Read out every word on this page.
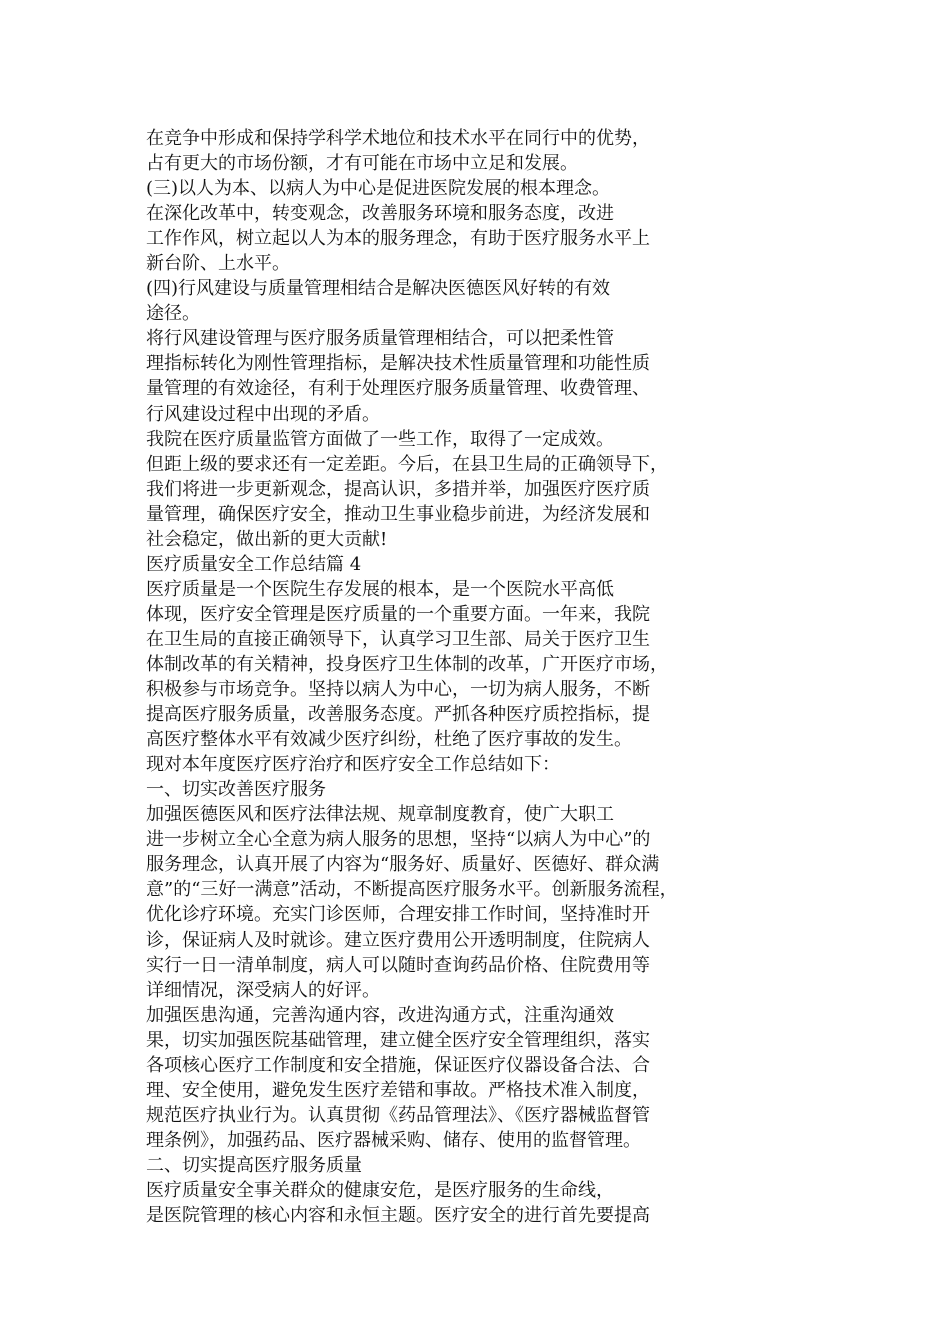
在竞争中形成和保持学科学术地位和技术水平在同行中的优势，
占有更大的市场份额，才有可能在市场中立足和发展。
(三)以人为本、以病人为中心是促进医院发展的根本理念。
在深化改革中，转变观念，改善服务环境和服务态度，改进
工作作风，树立起以人为本的服务理念，有助于医疗服务水平上
新台阶、上水平。
(四)行风建设与质量管理相结合是解决医德医风好转的有效
途径。
将行风建设管理与医疗服务质量管理相结合，可以把柔性管
理指标转化为刚性管理指标，是解决技术性质量管理和功能性质
量管理的有效途径，有利于处理医疗服务质量管理、收费管理、
行风建设过程中出现的矛盾。
我院在医疗质量监管方面做了一些工作，取得了一定成效。
但距上级的要求还有一定差距。今后，在县卫生局的正确领导下，
我们将进一步更新观念，提高认识，多措并举，加强医疗医疗质
量管理，确保医疗安全，推动卫生事业稳步前进，为经济发展和
社会稳定，做出新的更大贡献!
医疗质量安全工作总结篇 4
医疗质量是一个医院生存发展的根本，是一个医院水平高低
体现，医疗安全管理是医疗质量的一个重要方面。一年来，我院
在卫生局的直接正确领导下，认真学习卫生部、局关于医疗卫生
体制改革的有关精神，投身医疗卫生体制的改革，广开医疗市场，
积极参与市场竞争。坚持以病人为中心，一切为病人服务，不断
提高医疗服务质量，改善服务态度。严抓各种医疗质控指标，提
高医疗整体水平有效减少医疗纠纷，杜绝了医疗事故的发生。
现对本年度医疗医疗治疗和医疗安全工作总结如下：
一、切实改善医疗服务
加强医德医风和医疗法律法规、规章制度教育，使广大职工
进一步树立全心全意为病人服务的思想，坚持“以病人为中心”的
服务理念，认真开展了内容为“服务好、质量好、医德好、群众满
意”的“三好一满意”活动，不断提高医疗服务水平。创新服务流程，
优化诊疗环境。充实门诊医师，合理安排工作时间，坚持准时开
诊，保证病人及时就诊。建立医疗费用公开透明制度，住院病人
实行一日一清单制度，病人可以随时查询药品价格、住院费用等
详细情况，深受病人的好评。
加强医患沟通，完善沟通内容，改进沟通方式，注重沟通效
果，切实加强医院基础管理，建立健全医疗安全管理组织，落实
各项核心医疗工作制度和安全措施，保证医疗仪器设备合法、合
理、安全使用，避免发生医疗差错和事故。严格技术准入制度，
规范医疗执业行为。认真贯彻《药品管理法》、《医疗器械监督管
理条例》，加强药品、医疗器械采购、储存、使用的监督管理。
二、切实提高医疗服务质量
医疗质量安全事关群众的健康安危，是医疗服务的生命线，
是医院管理的核心内容和永恒主题。医疗安全的进行首先要提高
